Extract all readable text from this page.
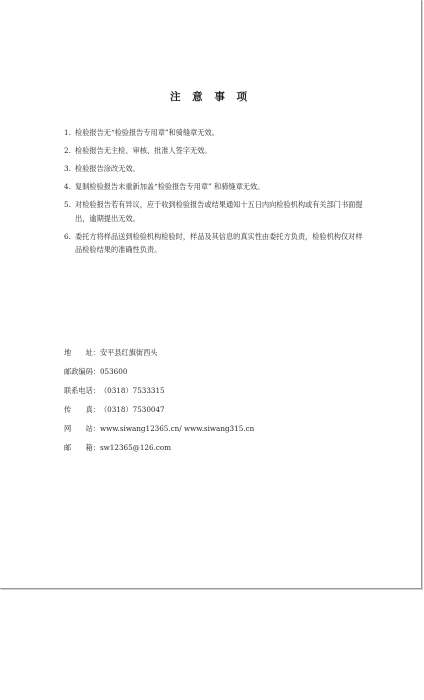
注 意 事 项
1. 检验报告无“检验报告专用章”和骑缝章无效。
2. 检验报告无主检、审核、批准人签字无效。
3. 检验报告涂改无效。
4. 复制检验报告未重新加盖“检验报告专用章” 和骑缝章无效。
5. 对检验报告若有异议，应于收到检验报告或结果通知十五日内向检验机构或有关部门书面提出，逾期提出无效。
6. 委托方将样品送到检验机构检验时，样品及其信息的真实性由委托方负责，检验机构仅对样品检验结果的准确性负责。
地　　址： 安平县红旗街西头
邮政编码： 053600
联系电话： （0318）7533315
传　　真： （0318）7530047
网　　站： www.siwang12365.cn/ www.siwang315.cn
邮　　箱： sw12365@126.com
